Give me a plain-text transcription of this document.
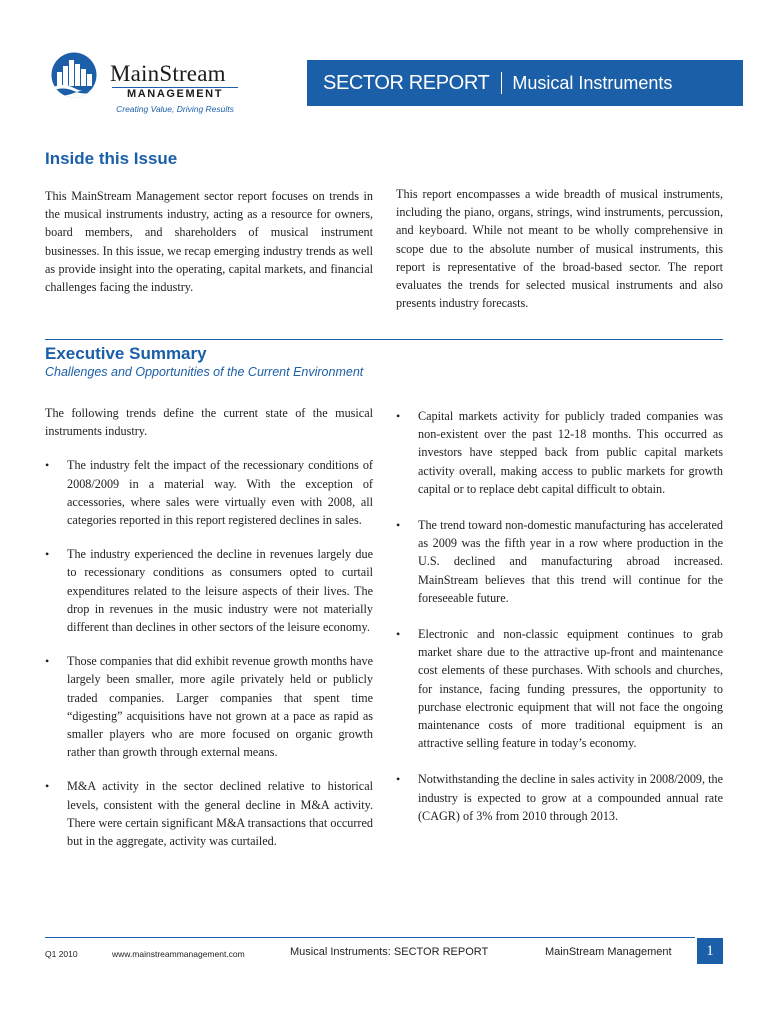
MainStream
MANAGEMENT
Creating Value, Driving Results
SECTOR REPORT Musical Instruments
Inside this Issue
This MainStream Management sector report focuses on trends in the musical instruments industry, acting as a resource for owners, board members, and shareholders of musical instrument businesses. In this issue, we recap emerging industry trends as well as provide insight into the operating, capital markets, and financial challenges facing the industry.
This report encompasses a wide breadth of musical instruments, including the piano, organs, strings, wind instruments, percussion, and keyboard. While not meant to be wholly comprehensive in scope due to the absolute number of musical instruments, this report is representative of the broad-based sector. The report evaluates the trends for selected musical instruments and also presents industry forecasts.
Executive Summary
Challenges and Opportunities of the Current Environment
The following trends define the current state of the musical instruments industry.
• The industry felt the impact of the recessionary conditions of 2008/2009 in a material way. With the exception of accessories, where sales were virtually even with 2008, all categories reported in this report registered declines in sales.
• The industry experienced the decline in revenues largely due to recessionary conditions as consumers opted to curtail expenditures related to the leisure aspects of their lives. The drop in revenues in the music industry were not materially different than declines in other sectors of the leisure economy.
• Those companies that did exhibit revenue growth months have largely been smaller, more agile privately held or publicly traded companies. Larger companies that spent time “digesting” acquisitions have not grown at a pace as rapid as smaller players who are more focused on organic growth rather than growth through external means.
• M&A activity in the sector declined relative to historical levels, consistent with the general decline in M&A activity. There were certain significant M&A transactions that occurred but in the aggregate, activity was curtailed.
• Capital markets activity for publicly traded companies was non-existent over the past 12-18 months. This occurred as investors have stepped back from public capital markets activity overall, making access to public markets for growth capital or to replace debt capital difficult to obtain.
• The trend toward non-domestic manufacturing has accelerated as 2009 was the fifth year in a row where production in the U.S. declined and manufacturing abroad increased. MainStream believes that this trend will continue for the foreseeable future.
• Electronic and non-classic equipment continues to grab market share due to the attractive up-front and maintenance cost elements of these purchases. With schools and churches, for instance, facing funding pressures, the opportunity to purchase electronic equipment that will not face the ongoing maintenance costs of more traditional equipment is an attractive selling feature in today’s economy.
• Notwithstanding the decline in sales activity in 2008/2009, the industry is expected to grow at a compounded annual rate (CAGR) of 3% from 2010 through 2013.
Q1 2010	www.mainstreammanagement.com	Musical Instruments: SECTOR REPORT	MainStream Management	1
